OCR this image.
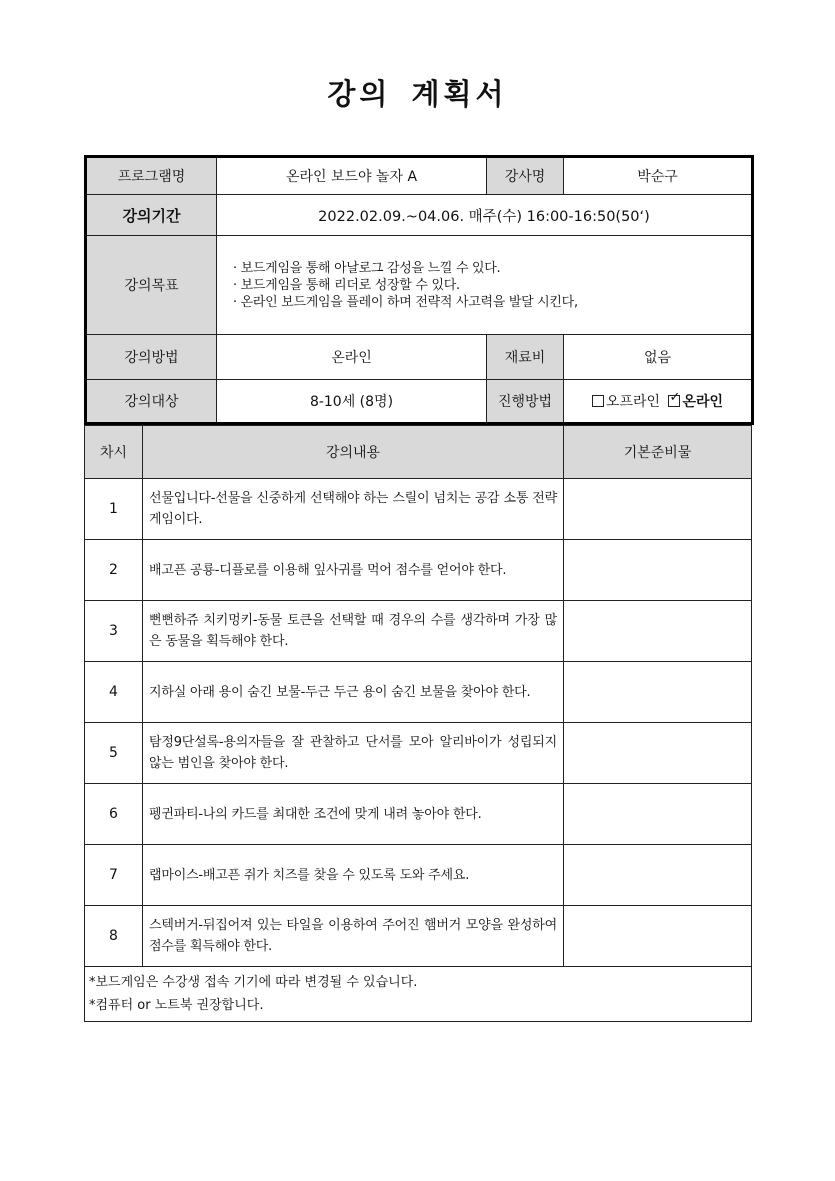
강의 계획서
프로그램명	온라인 보드야 놀자 A	강사명	박순구
강의기간	2022.02.09.~04.06. 매주(수) 16:00-16:50(50‘)		
강의목표	· 보드게임을 통해 아날로그 감성을 느낄 수 있다.
· 보드게임을 통해 리더로 성장할 수 있다.
· 온라인 보드게임을 플레이 하며 전략적 사고력을 발달 시킨다,		

강의방법	온라인	재료비	없음
강의대상	8-10세 (8명)	진행방법	오프라인 ✓ 온라인
차시	강의내용	기본준비물
1	선물입니다-선물을 신중하게 선택해야 하는 스릴이 넘치는 공감 소통 전략 게임이다.	
2	배고픈 공룡-디플로를 이용해 잎사귀를 먹어 점수를 얻어야 한다.	
3	뻔뻔하쥬 치키멍키-동물 토큰을 선택할 때 경우의 수를 생각하며 가장 많은 동물을 획득해야 한다.	
4	지하실 아래 용이 숨긴 보물-두근 두근 용이 숨긴 보물을 찾아야 한다.	
5	탐정9단설록-용의자들을 잘 관찰하고 단서를 모아 알리바이가 성립되지 않는 범인을 찾아야 한다.	
6	펭귄파티-나의 카드를 최대한 조건에 맞게 내려 놓아야 한다.	
7	랩마이스-배고픈 쥐가 치즈를 찾을 수 있도록 도와 주세요.	
8	스텍버거-뒤집어져 있는 타일을 이용하여 주어진 햄버거 모양을 완성하여 점수를 획득해야 한다.	

*보드게임은 수강생 접속 기기에 따라 변경될 수 있습니다.
*컴퓨터 or 노트북 권장합니다.		
